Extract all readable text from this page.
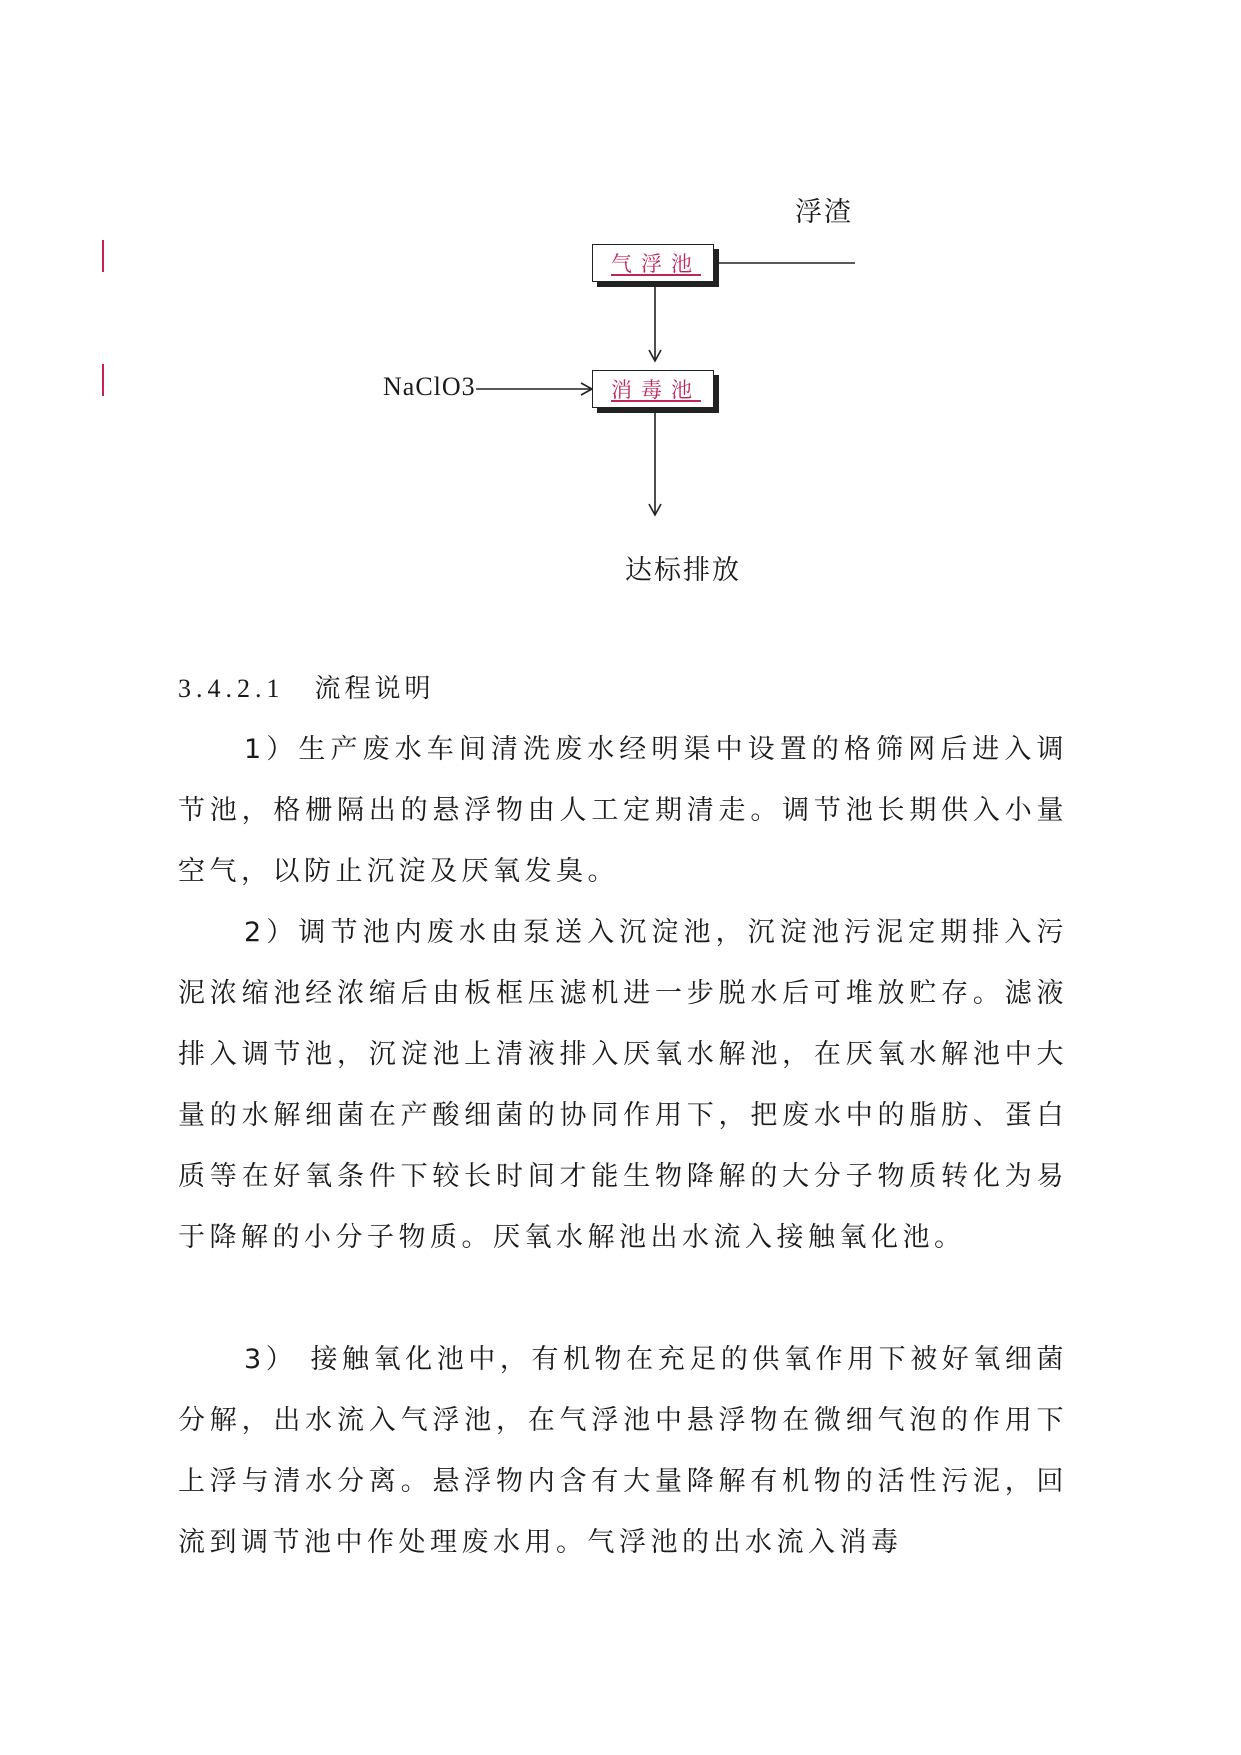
浮渣
气浮池
NaClO3	消毒池
达标排放
3.4.2.1 流程说明

1）生产废水车间清洗废水经明渠中设置的格筛网后进入调节池，格栅隔出的悬浮物由人工定期清走。调节池长期供入小量空气，以防止沉淀及厌氧发臭。

2）调节池内废水由泵送入沉淀池，沉淀池污泥定期排入污泥浓缩池经浓缩后由板框压滤机进一步脱水后可堆放贮存。滤液排入调节池，沉淀池上清液排入厌氧水解池，在厌氧水解池中大量的水解细菌在产酸细菌的协同作用下，把废水中的脂肪、蛋白质等在好氧条件下较长时间才能生物降解的大分子物质转化为易于降解的小分子物质。厌氧水解池出水流入接触氧化池。

3） 接触氧化池中，有机物在充足的供氧作用下被好氧细菌分解，出水流入气浮池，在气浮池中悬浮物在微细气泡的作用下上浮与清水分离。悬浮物内含有大量降解有机物的活性污泥，回流到调节池中作处理废水用。气浮池的出水流入消毒
